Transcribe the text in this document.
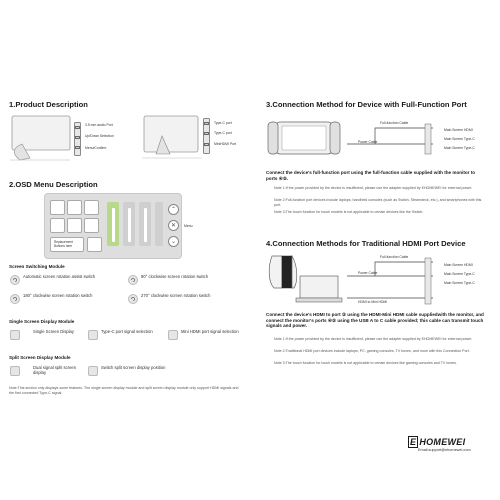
1.Product Description
3.5 mm audio Port
Up/Down Selection
Menu/Confirm
Type-C port
Type-C port
MiniHDMI Port
2.OSD Menu Description
Replacement Buttons here
⌃
✕
⌄
Menu
Screen Switching Module
Automatic screen rotation assist switch	90° clockwise screen rotation switch
180° clockwise screen rotation switch	270° clockwise screen rotation switch
Single Screen Display Module
Single Screen Display	Type-C port signal selection	Mini HDMI port signal selection
Split Screen Display Module
Dual signal split screen display
Switch split screen display position
Note:This section only displays some features. The single screen display module and split screen display module only support HDMI signals and the first connected Type-C signal.
3.Connection Method for Device with Full-Function Port
Full-function Cable
Power Cable
Main Screen HDMI
Main Screen Type-C
Main Screen Type-C
Connect the device's full-function port using the full-function cable supplied with the monitor to ports ④⑤.
Note 1:If the power provided by the device is insufficient, please use the adapter supplied by EHOMEWEI for external power.
Note 2:Full-function port devices include laptops, handheld consoles (such as Switch, Steamdeck, etc.), and smartphones with this port.
Note 3:The touch function for touch models is not applicable to certain devices like the Switch.
4.Connection Methods for Traditional HDMI Port Device
Full-function Cable
Power Cable
HDMI to Mini HDMI
Main Screen HDMI
Main Screen Type-C
Main Screen Type-C
Connect the device's HDMI to port ③ using the HDMI-Mini HDMI cable suppliedwith the monitor, and connect the monitor's ports ④⑤ using the USB A to C cable provided; this cable can transmit touch signals and power.
Note 1:If the power provided by the device is insufficient, please use the adapter supplied by EHOMEWEI for external power.
Note 2:Traditional HDMI port devices include laptops, PC, gaming consoles, TV boxes, and more with this Connection Port.
Note 3:The touch function for touch models is not applicable to certain devices like gaming consoles and TV boxes.
E HOMEWEI
Email:support@ehomewei.com
